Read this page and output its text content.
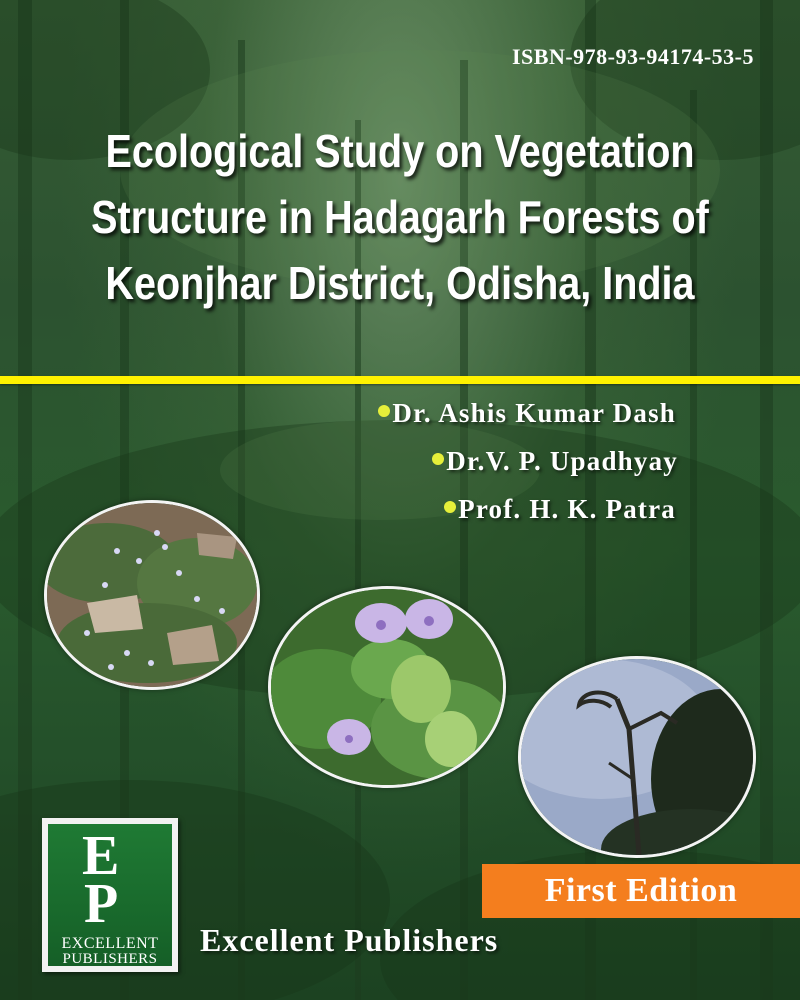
ISBN-978-93-94174-53-5
Ecological Study on Vegetation
Structure in Hadagarh Forests of
Keonjhar District, Odisha, India
Dr. Ashis Kumar Dash
Dr.V. P. Upadhyay
Prof. H. K. Patra
E
P
EXCELLENT
PUBLISHERS
First Edition
Excellent Publishers
